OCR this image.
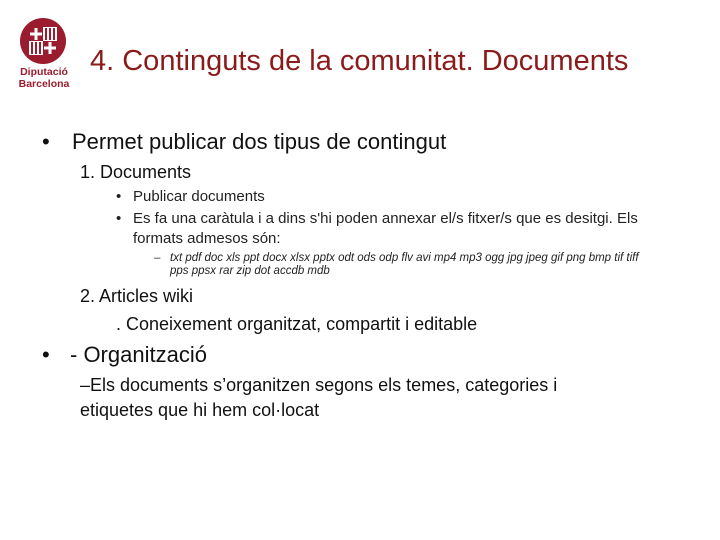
Diputació
Barcelona
4. Continguts de la comunitat. Documents
• Permet publicar dos tipus de contingut
1. Documents
• Publicar documents
• Es fa una caràtula i a dins s'hi poden annexar el/s fitxer/s que es desitgi. Els
formats admesos són:
– txt pdf doc xls ppt docx xlsx pptx odt ods odp flv avi mp4 mp3 ogg jpg jpeg gif png bmp tif tiff
pps ppsx rar zip dot accdb mdb
2. Articles wiki
. Coneixement organitzat, compartit i editable
• - Organització
–Els documents s’organitzen segons els temes, categories i
etiquetes que hi hem col·locat
